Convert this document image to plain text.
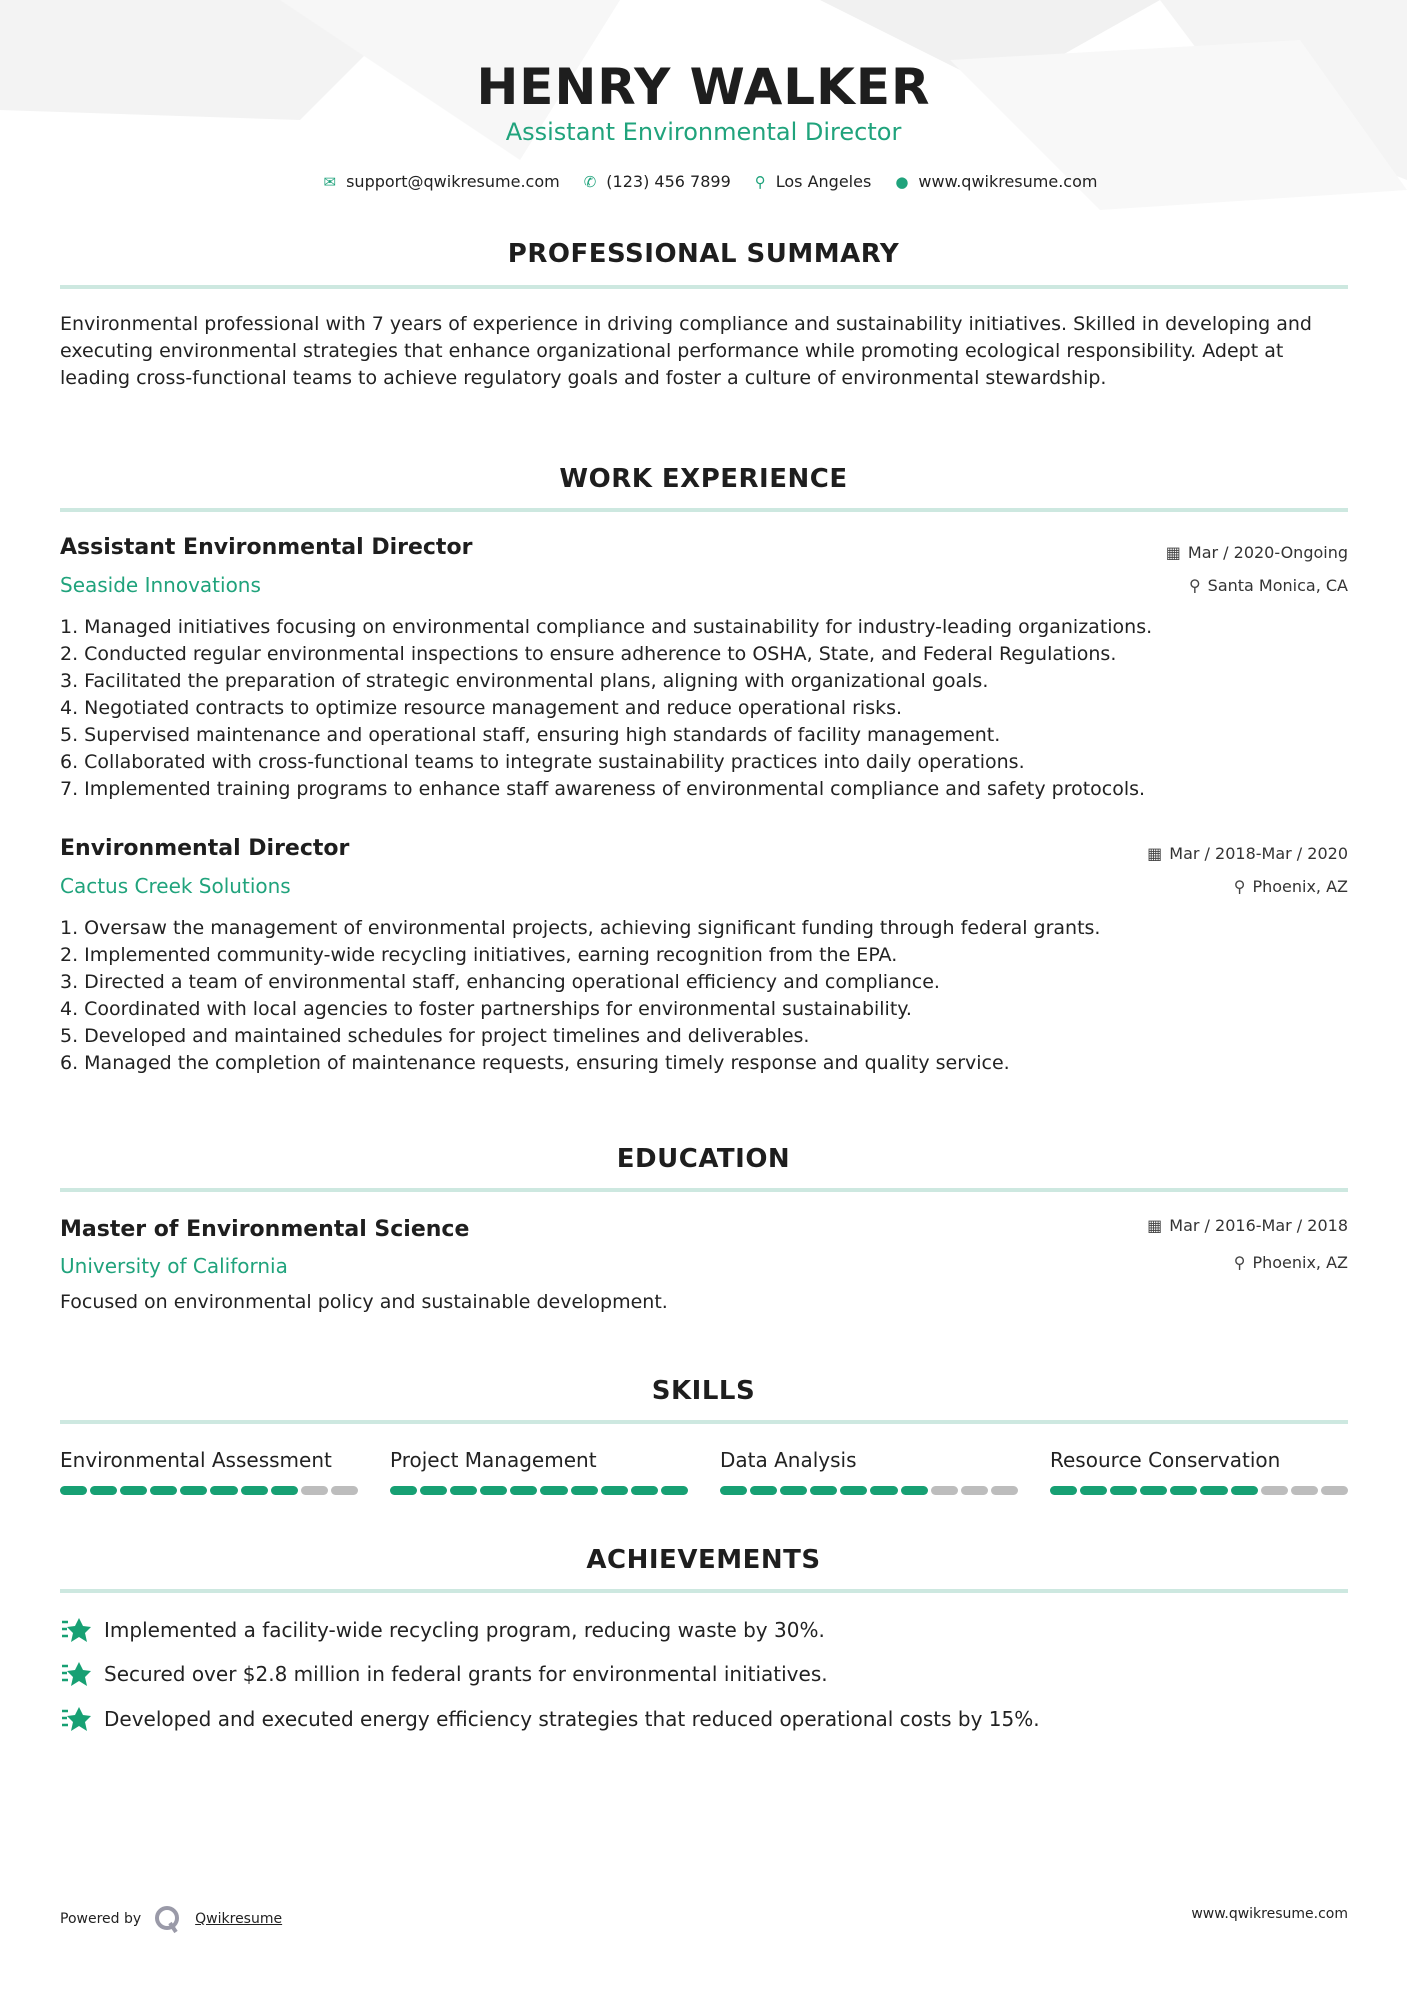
HENRY WALKER
Assistant Environmental Director
✉ support@qwikresume.com ✆ (123) 456 7899 ⚲ Los Angeles ● www.qwikresume.com
PROFESSIONAL SUMMARY
Environmental professional with 7 years of experience in driving compliance and sustainability initiatives. Skilled in developing and executing environmental strategies that enhance organizational performance while promoting ecological responsibility. Adept at leading cross-functional teams to achieve regulatory goals and foster a culture of environmental stewardship.
WORK EXPERIENCE
Assistant Environmental Director
Seaside Innovations
▦ Mar / 2020-Ongoing
⚲ Santa Monica, CA
1. Managed initiatives focusing on environmental compliance and sustainability for industry-leading organizations.
2. Conducted regular environmental inspections to ensure adherence to OSHA, State, and Federal Regulations.
3. Facilitated the preparation of strategic environmental plans, aligning with organizational goals.
4. Negotiated contracts to optimize resource management and reduce operational risks.
5. Supervised maintenance and operational staff, ensuring high standards of facility management.
6. Collaborated with cross-functional teams to integrate sustainability practices into daily operations.
7. Implemented training programs to enhance staff awareness of environmental compliance and safety protocols.
Environmental Director
Cactus Creek Solutions
▦ Mar / 2018-Mar / 2020
⚲ Phoenix, AZ
1. Oversaw the management of environmental projects, achieving significant funding through federal grants.
2. Implemented community-wide recycling initiatives, earning recognition from the EPA.
3. Directed a team of environmental staff, enhancing operational efficiency and compliance.
4. Coordinated with local agencies to foster partnerships for environmental sustainability.
5. Developed and maintained schedules for project timelines and deliverables.
6. Managed the completion of maintenance requests, ensuring timely response and quality service.
EDUCATION
Master of Environmental Science
University of California
▦ Mar / 2016-Mar / 2018
⚲ Phoenix, AZ
Focused on environmental policy and sustainable development.
SKILLS
Environmental Assessment	Project Management	Data Analysis	Resource Conservation
ACHIEVEMENTS
Implemented a facility-wide recycling program, reducing waste by 30%.
Secured over $2.8 million in federal grants for environmental initiatives.
Developed and executed energy efficiency strategies that reduced operational costs by 15%.
Powered by	Qwikresume	www.qwikresume.com
